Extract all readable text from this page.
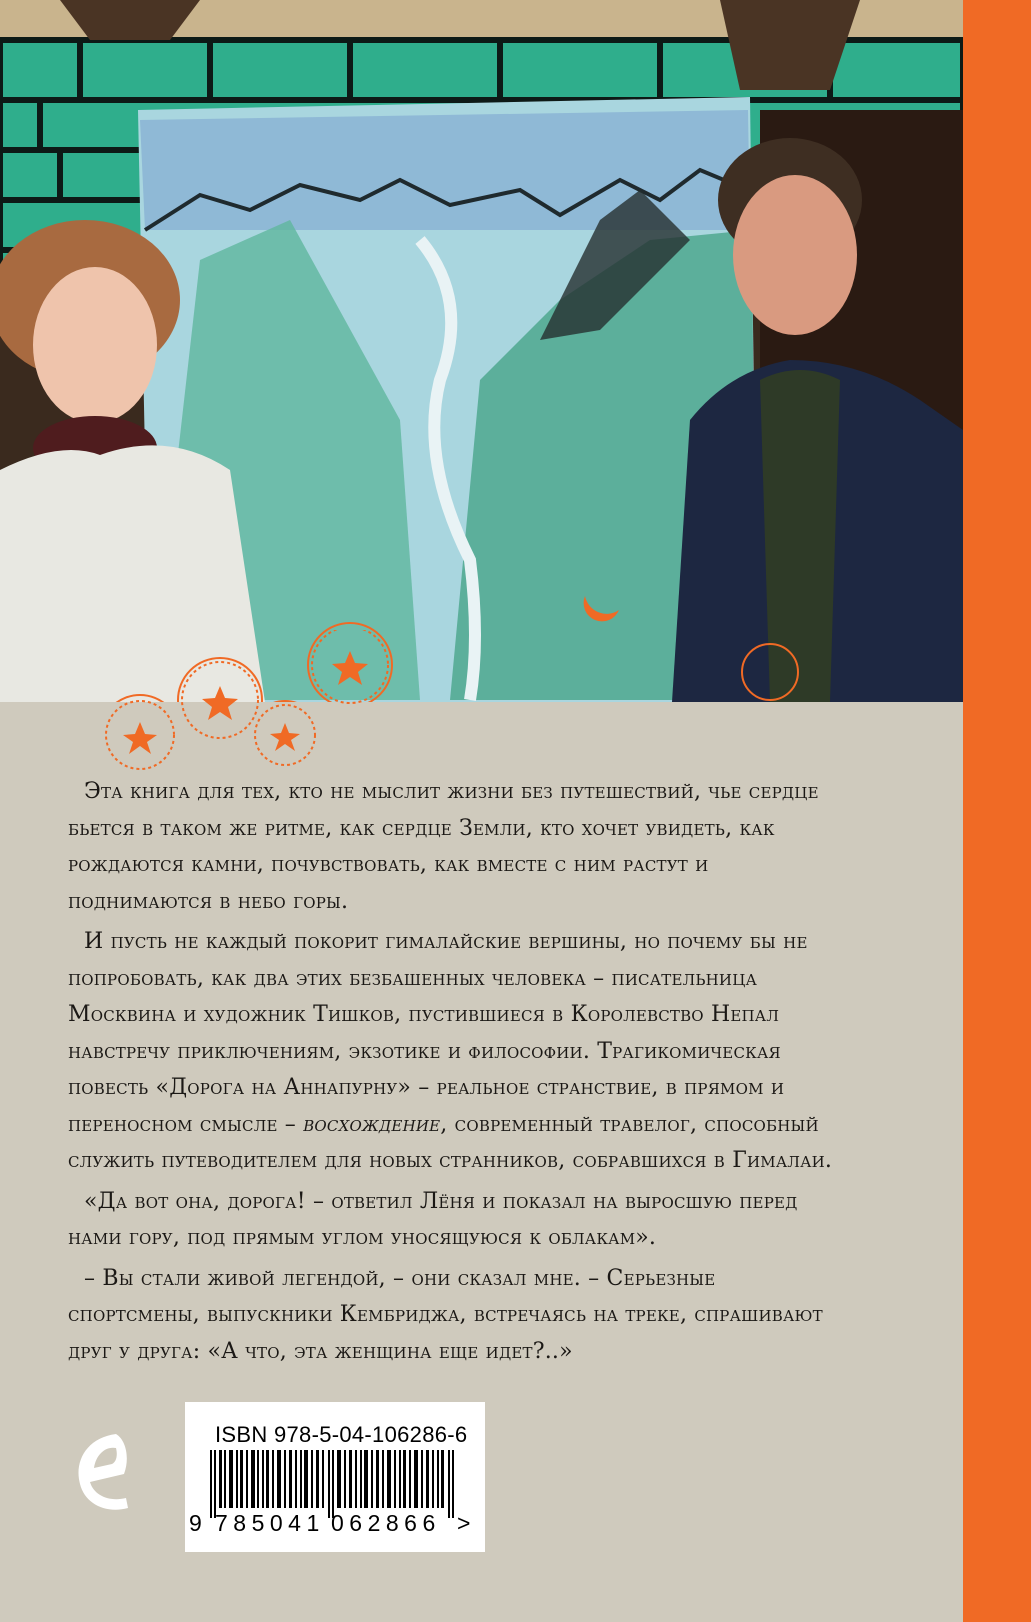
Эта книга для тех, кто не мыслит жизни без путешествий, чье сердце бьется в таком же ритме, как сердце Земли, кто хочет увидеть, как рождаются камни, почувствовать, как вместе с ним растут и поднимаются в небо горы.

И пусть не каждый покорит гималайские вершины, но почему бы не попробовать, как два этих безбашенных человека – писательница Москвина и художник Тишков, пустившиеся в Королевство Непал навстречу приключениям, экзотике и философии. Трагикомическая повесть «Дорога на Аннапурну» – реальное странствие, в прямом и переносном смысле – восхождение, современный травелог, способный служить путеводителем для новых странников, собравшихся в Гималаи.

«Да вот она, дорога! – ответил Лёня и показал на выросшую перед нами гору, под прямым углом уносящуюся к облакам».

– Вы стали живой легендой, – они сказал мне. – Серьезные спортсмены, выпускники Кембриджа, встречаясь на треке, спрашивают друг у друга: «А что, эта женщина еще идет?..»

ISBN 978-5-04-106286-6
9 785041 062866 >
